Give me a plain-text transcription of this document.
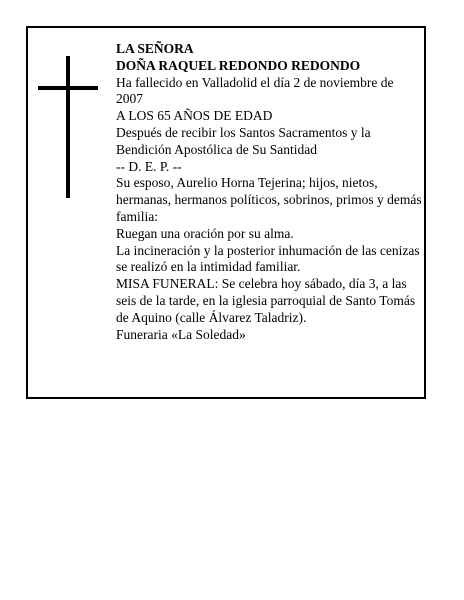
LA SEÑORA

DOÑA RAQUEL REDONDO REDONDO

Ha fallecido en Valladolid el día 2 de noviembre de 2007

A LOS 65 AÑOS DE EDAD

Después de recibir los Santos Sacramentos y la Bendición Apostólica de Su Santidad

-- D. E. P. --

Su esposo, Aurelio Horna Tejerina; hijos, nietos, hermanas, hermanos políticos, sobrinos, primos y demás familia:

Ruegan una oración por su alma.

La incineración y la posterior inhumación de las cenizas se realizó en la intimidad familiar.

MISA FUNERAL: Se celebra hoy sábado, día 3, a las seis de la tarde, en la iglesia parroquial de Santo Tomás de Aquino (calle Álvarez Taladriz).

Funeraria «La Soledad»
